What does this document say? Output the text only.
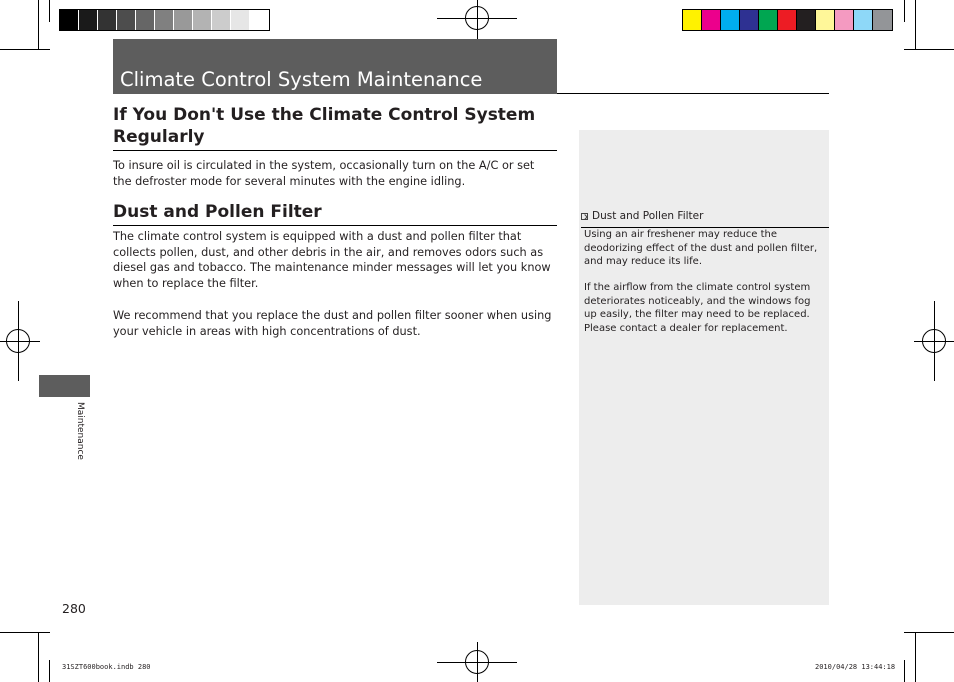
Climate Control System Maintenance
If You Don't Use the Climate Control System
Regularly

To insure oil is circulated in the system, occasionally turn on the A/C or set the defroster mode for several minutes with the engine idling.

Dust and Pollen Filter

The climate control system is equipped with a dust and pollen filter that collects pollen, dust, and other debris in the air, and removes odors such as diesel gas and tobacco. The maintenance minder messages will let you know when to replace the filter.

We recommend that you replace the dust and pollen filter sooner when using your vehicle in areas with high concentrations of dust.

Dust and Pollen Filter

Using an air freshener may reduce the deodorizing effect of the dust and pollen filter, and may reduce its life.

If the airflow from the climate control system deteriorates noticeably, and the windows fog up easily, the filter may need to be replaced. Please contact a dealer for replacement.

Maintenance
280
31SZT600book.indb 280	2010/04/28 13:44:18
